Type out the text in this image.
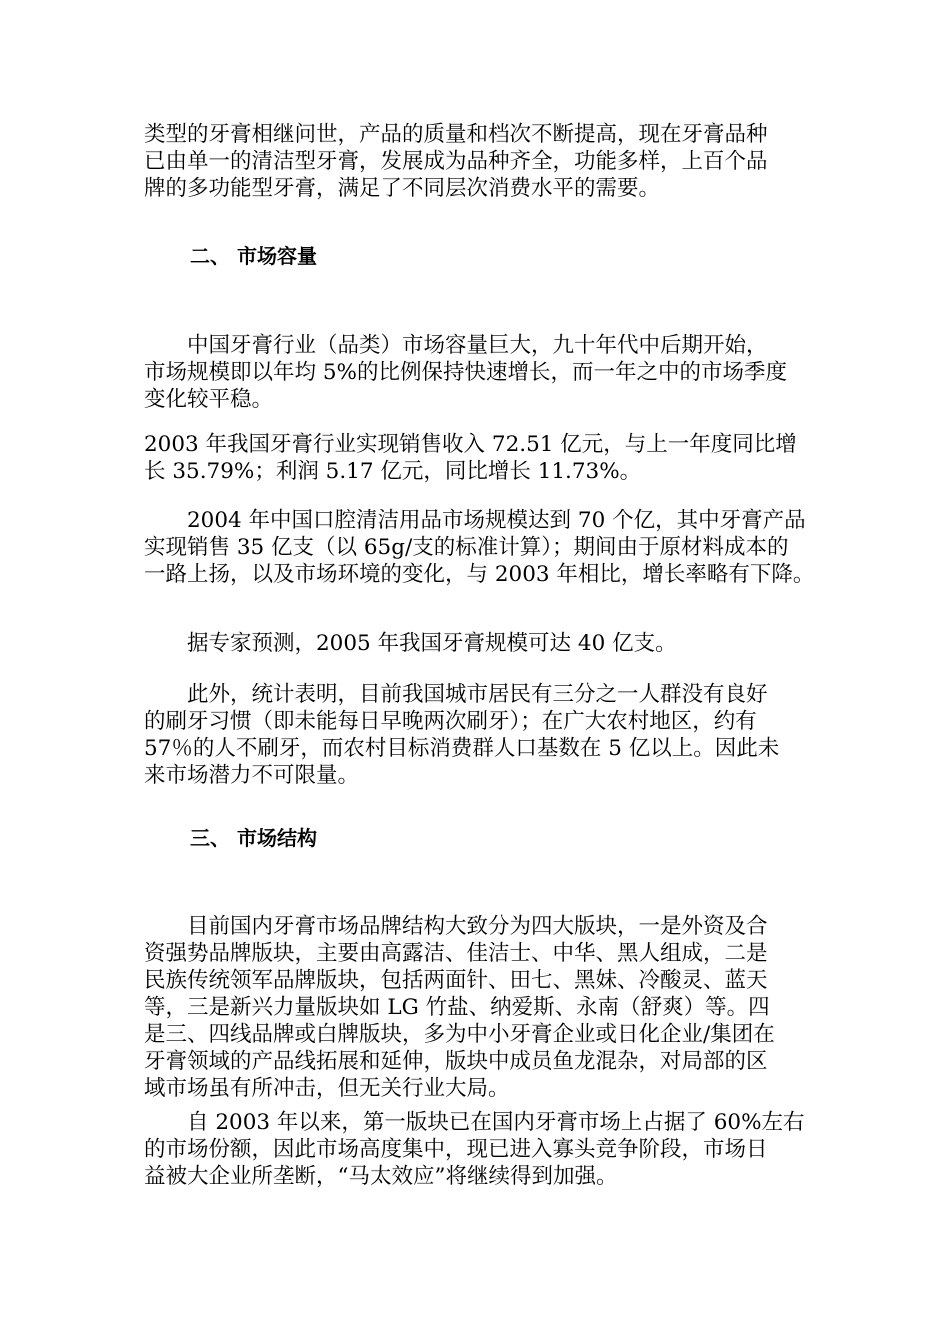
类型的牙膏相继问世，产品的质量和档次不断提高，现在牙膏品种
已由单一的清洁型牙膏，发展成为品种齐全，功能多样，上百个品
牌的多功能型牙膏，满足了不同层次消费水平的需要。

二、 市场容量

　　中国牙膏行业（品类）市场容量巨大，九十年代中后期开始，
市场规模即以年均 5%的比例保持快速增长，而一年之中的市场季度
变化较平稳。

2003 年我国牙膏行业实现销售收入 72.51 亿元，与上一年度同比增
长 35.79%；利润 5.17 亿元，同比增长 11.73%。

　　2004 年中国口腔清洁用品市场规模达到 70 个亿，其中牙膏产品
实现销售 35 亿支（以 65g/支的标准计算）；期间由于原材料成本的
一路上扬，以及市场环境的变化，与 2003 年相比，增长率略有下降。

　　据专家预测，2005 年我国牙膏规模可达 40 亿支。

　　此外，统计表明，目前我国城市居民有三分之一人群没有良好
的刷牙习惯（即未能每日早晚两次刷牙）；在广大农村地区，约有
57％的人不刷牙，而农村目标消费群人口基数在 5 亿以上。因此未
来市场潜力不可限量。

三、 市场结构

　　目前国内牙膏市场品牌结构大致分为四大版块，一是外资及合
资强势品牌版块，主要由高露洁、佳洁士、中华、黑人组成，二是
民族传统领军品牌版块，包括两面针、田七、黑妹、冷酸灵、蓝天
等，三是新兴力量版块如 LG 竹盐、纳爱斯、永南（舒爽）等。四
是三、四线品牌或白牌版块，多为中小牙膏企业或日化企业/集团在
牙膏领域的产品线拓展和延伸，版块中成员鱼龙混杂，对局部的区
域市场虽有所冲击，但无关行业大局。

　　自 2003 年以来，第一版块已在国内牙膏市场上占据了 60%左右
的市场份额，因此市场高度集中，现已进入寡头竞争阶段，市场日
益被大企业所垄断，“马太效应”将继续得到加强。
